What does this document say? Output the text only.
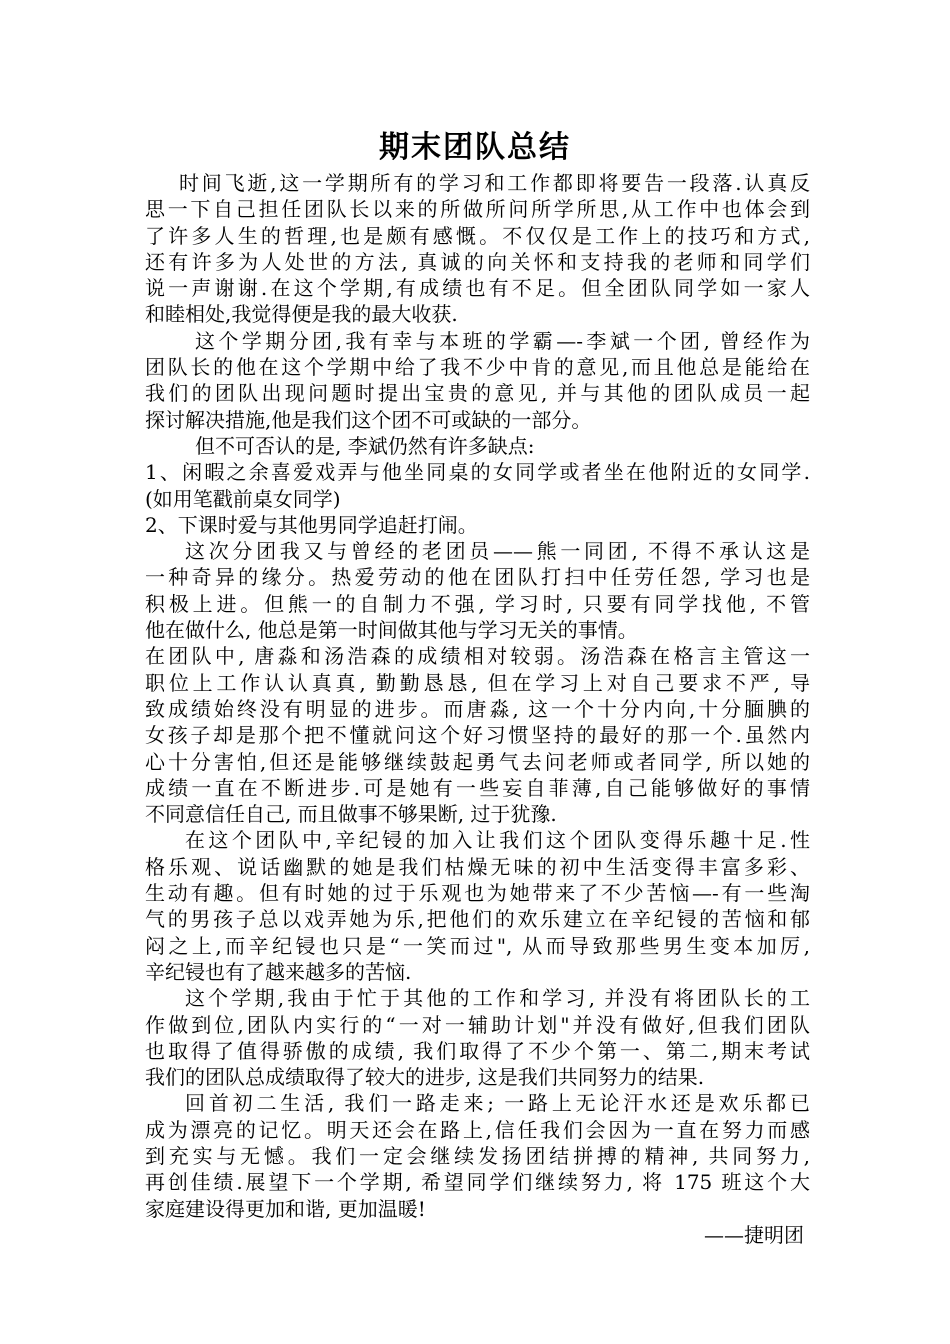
期末团队总结
时间飞逝,这一学期所有的学习和工作都即将要告一段落.认真反
思一下自己担任团队长以来的所做所问所学所思,从工作中也体会到
了许多人生的哲理,也是颇有感慨。不仅仅是工作上的技巧和方式,
还有许多为人处世的方法, 真诚的向关怀和支持我的老师和同学们
说一声谢谢.在这个学期,有成绩也有不足。但全团队同学如一家人
和睦相处,我觉得便是我的最大收获.
这个学期分团,我有幸与本班的学霸—-李斌一个团, 曾经作为
团队长的他在这个学期中给了我不少中肯的意见,而且他总是能给在
我们的团队出现问题时提出宝贵的意见, 并与其他的团队成员一起
探讨解决措施,他是我们这个团不可或缺的一部分。
但不可否认的是, 李斌仍然有许多缺点:
1、闲暇之余喜爱戏弄与他坐同桌的女同学或者坐在他附近的女同学.
(如用笔戳前桌女同学)
2、下课时爱与其他男同学追赶打闹。
这次分团我又与曾经的老团员——熊一同团, 不得不承认这是
一种奇异的缘分。热爱劳动的他在团队打扫中任劳任怨, 学习也是
积极上进。但熊一的自制力不强, 学习时, 只要有同学找他, 不管
他在做什么, 他总是第一时间做其他与学习无关的事情。
在团队中, 唐淼和汤浩森的成绩相对较弱。汤浩森在格言主管这一
职位上工作认认真真, 勤勤恳恳, 但在学习上对自己要求不严, 导
致成绩始终没有明显的进步。而唐淼, 这一个十分内向,十分腼腆的
女孩子却是那个把不懂就问这个好习惯坚持的最好的那一个.虽然内
心十分害怕,但还是能够继续鼓起勇气去问老师或者同学, 所以她的
成绩一直在不断进步.可是她有一些妄自菲薄,自己能够做好的事情
不同意信任自己, 而且做事不够果断, 过于犹豫.
在这个团队中,辛纪锓的加入让我们这个团队变得乐趣十足.性
格乐观、说话幽默的她是我们枯燥无味的初中生活变得丰富多彩、
生动有趣。但有时她的过于乐观也为她带来了不少苦恼—-有一些淘
气的男孩子总以戏弄她为乐,把他们的欢乐建立在辛纪锓的苦恼和郁
闷之上,而辛纪锓也只是“一笑而过", 从而导致那些男生变本加厉,
辛纪锓也有了越来越多的苦恼.
这个学期,我由于忙于其他的工作和学习, 并没有将团队长的工
作做到位,团队内实行的“一对一辅助计划"并没有做好,但我们团队
也取得了值得骄傲的成绩, 我们取得了不少个第一、第二,期末考试
我们的团队总成绩取得了较大的进步, 这是我们共同努力的结果.
回首初二生活, 我们一路走来; 一路上无论汗水还是欢乐都已
成为漂亮的记忆。明天还会在路上,信任我们会因为一直在努力而感
到充实与无憾。我们一定会继续发扬团结拼搏的精神, 共同努力,
再创佳绩.展望下一个学期, 希望同学们继续努力, 将 175 班这个大
家庭建设得更加和谐, 更加温暖!
——捷明团
